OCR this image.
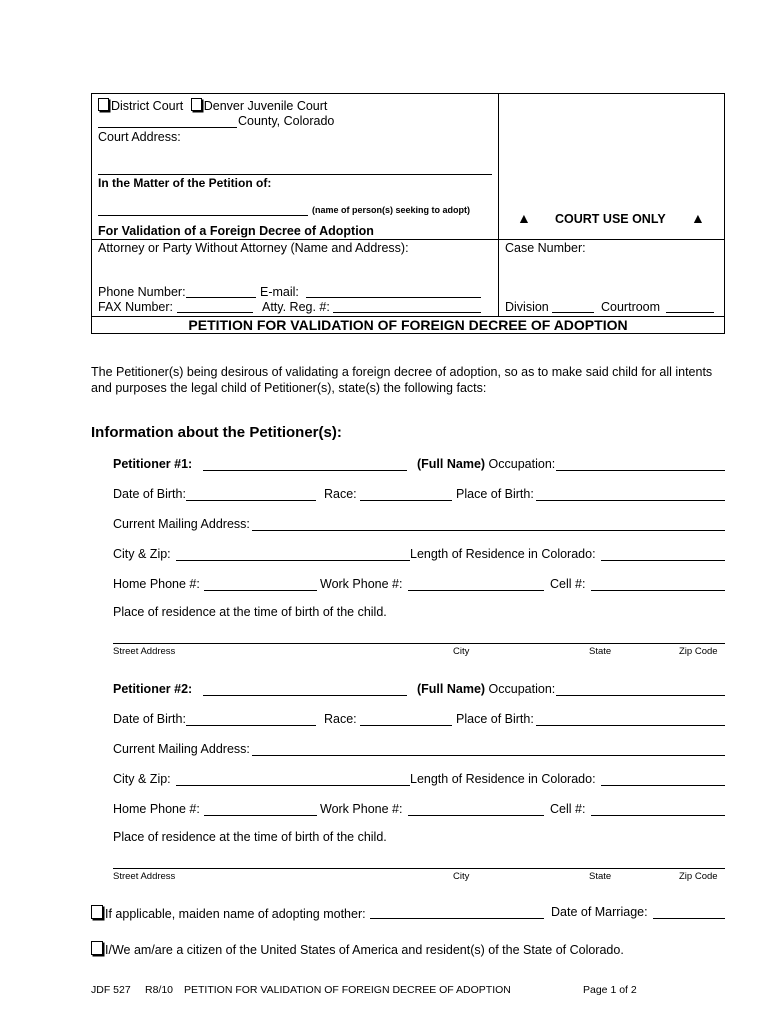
District Court Denver Juvenile Court
County, Colorado
Court Address:
In the Matter of the Petition of:
(name of person(s) seeking to adopt)
For Validation of a Foreign Decree of Adoption
Attorney or Party Without Attorney (Name and Address):
Phone Number:	E-mail:
FAX Number:	Atty. Reg. #:
▲ COURT USE ONLY ▲
Case Number:
Division	Courtroom
PETITION FOR VALIDATION OF FOREIGN DECREE OF ADOPTION
The Petitioner(s) being desirous of validating a foreign decree of adoption, so as to make said child for all intents
and purposes the legal child of Petitioner(s), state(s) the following facts:
Information about the Petitioner(s):
Petitioner #1:	(Full Name) Occupation:
Date of Birth:	Race:	Place of Birth:
Current Mailing Address:
City & Zip:	Length of Residence in Colorado:
Home Phone #:	Work Phone #:	Cell #:
Place of residence at the time of birth of the child.
Street Address	City	State	Zip Code
Petitioner #2:	(Full Name) Occupation:
Date of Birth:	Race:	Place of Birth:
Current Mailing Address:
City & Zip:	Length of Residence in Colorado:
Home Phone #:	Work Phone #:	Cell #:
Place of residence at the time of birth of the child.
Street Address	City	State	Zip Code
If applicable, maiden name of adopting mother:	Date of Marriage:
I/We am/are a citizen of the United States of America and resident(s) of the State of Colorado.
JDF 527 R8/10 PETITION FOR VALIDATION OF FOREIGN DECREE OF ADOPTION	Page 1 of 2
